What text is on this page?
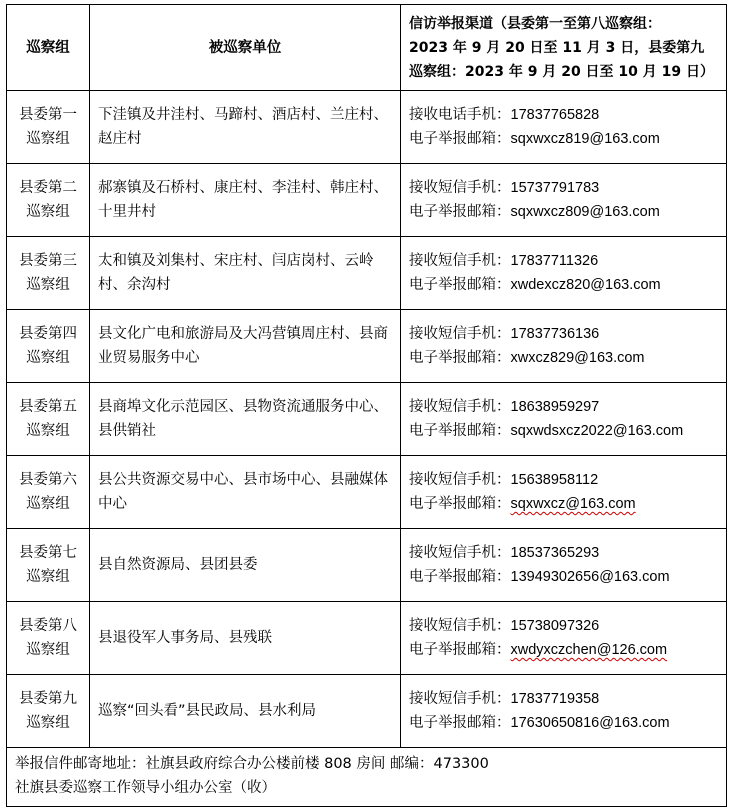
巡察组	被巡察单位	信访举报渠道（县委第一至第八巡察组：
2023 年 9 月 20 日至 11 月 3 日，县委第九
巡察组：2023 年 9 月 20 日至 10 月 19 日）

县委第一
巡察组	下洼镇及井洼村、马蹄村、酒店村、兰庄村、赵庄村	接收电话手机：17837765828
电子举报邮箱：sqxwxcz819@163.com

县委第二
巡察组	郝寨镇及石桥村、康庄村、李洼村、韩庄村、十里井村	接收短信手机：15737791783
电子举报邮箱：sqxwxcz809@163.com

县委第三
巡察组	太和镇及刘集村、宋庄村、闫店岗村、云岭村、余沟村	接收短信手机：17837711326
电子举报邮箱：xwdexcz820@163.com

县委第四
巡察组	县文化广电和旅游局及大冯营镇周庄村、县商业贸易服务中心	接收短信手机：17837736136
电子举报邮箱：xwxcz829@163.com

县委第五
巡察组	县商埠文化示范园区、县物资流通服务中心、县供销社	接收短信手机：18638959297
电子举报邮箱：sqxwdsxcz2022@163.com

县委第六
巡察组	县公共资源交易中心、县市场中心、县融媒体中心	接收短信手机：15638958112
电子举报邮箱：sqxwxcz@163.com

县委第七
巡察组	县自然资源局、县团县委	接收短信手机：18537365293
电子举报邮箱：13949302656@163.com

县委第八
巡察组	县退役军人事务局、县残联	接收短信手机：15738097326
电子举报邮箱：xwdyxczchen@126.com

县委第九
巡察组	巡察“回头看”县民政局、县水利局	接收短信手机：17837719358
电子举报邮箱：17630650816@163.com

举报信件邮寄地址：社旗县政府综合办公楼前楼 808 房间 邮编：473300
社旗县委巡察工作领导小组办公室（收）		
